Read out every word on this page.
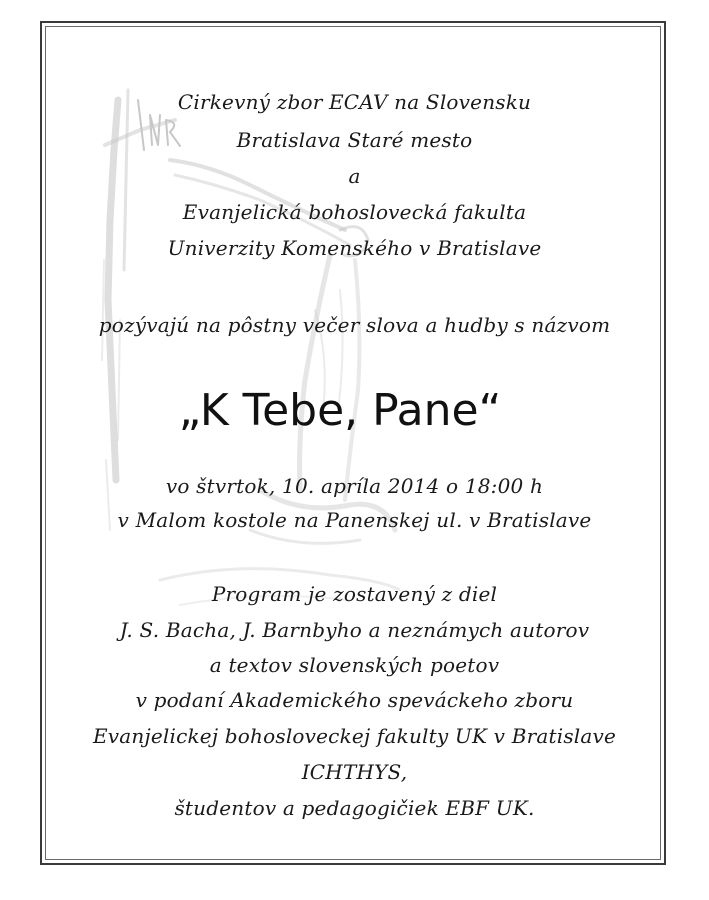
Cirkevný zbor ECAV na Slovensku
Bratislava Staré mesto
a
Evanjelická bohoslovecká fakulta
Univerzity Komenského v Bratislave
pozývajú na pôstny večer slova a hudby s názvom
„K Tebe, Pane“
vo štvrtok, 10. apríla 2014 o 18:00 h
v Malom kostole na Panenskej ul. v Bratislave
Program je zostavený z diel
J. S. Bacha, J. Barnbyho a neznámych autorov
a textov slovenských poetov
v podaní Akademického speváckeho zboru
Evanjelickej bohosloveckej fakulty UK v Bratislave
ICHTHYS,
študentov a pedagogičiek EBF UK.
